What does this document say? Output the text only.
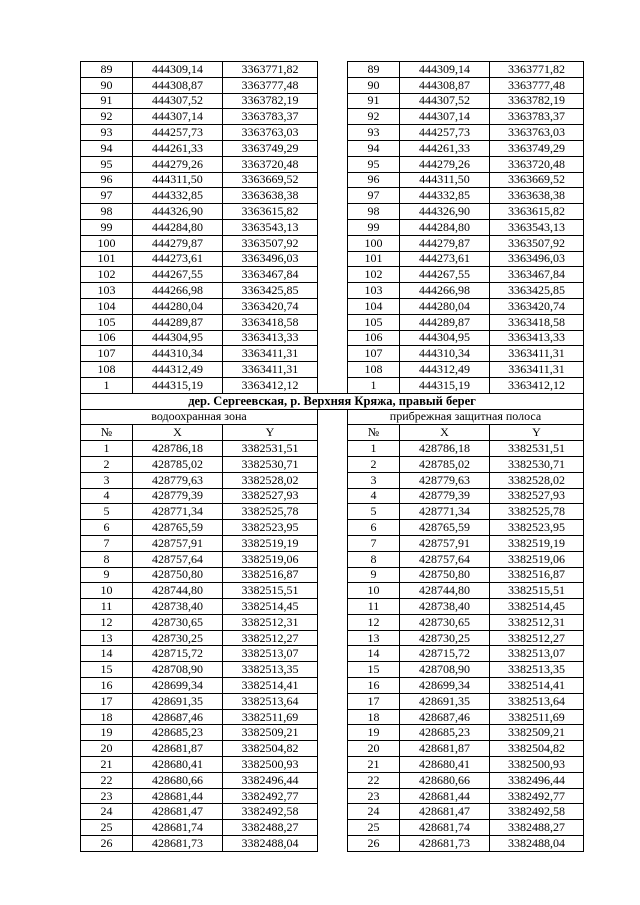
89	444309,14	3363771,82		89	444309,14	3363771,82
90	444308,87	3363777,48		90	444308,87	3363777,48
91	444307,52	3363782,19		91	444307,52	3363782,19
92	444307,14	3363783,37		92	444307,14	3363783,37
93	444257,73	3363763,03		93	444257,73	3363763,03
94	444261,33	3363749,29		94	444261,33	3363749,29
95	444279,26	3363720,48		95	444279,26	3363720,48
96	444311,50	3363669,52		96	444311,50	3363669,52
97	444332,85	3363638,38		97	444332,85	3363638,38
98	444326,90	3363615,82		98	444326,90	3363615,82
99	444284,80	3363543,13		99	444284,80	3363543,13
100	444279,87	3363507,92		100	444279,87	3363507,92
101	444273,61	3363496,03		101	444273,61	3363496,03
102	444267,55	3363467,84		102	444267,55	3363467,84
103	444266,98	3363425,85		103	444266,98	3363425,85
104	444280,04	3363420,74		104	444280,04	3363420,74
105	444289,87	3363418,58		105	444289,87	3363418,58
106	444304,95	3363413,33		106	444304,95	3363413,33
107	444310,34	3363411,31		107	444310,34	3363411,31
108	444312,49	3363411,31		108	444312,49	3363411,31
1	444315,19	3363412,12		1	444315,19	3363412,12
дер. Сергеевская, р. Верхняя Кряжа, правый берег						
водоохранная зона				прибрежная защитная полоса		
№	X	Y		№	X	Y
1	428786,18	3382531,51		1	428786,18	3382531,51
2	428785,02	3382530,71		2	428785,02	3382530,71
3	428779,63	3382528,02		3	428779,63	3382528,02
4	428779,39	3382527,93		4	428779,39	3382527,93
5	428771,34	3382525,78		5	428771,34	3382525,78
6	428765,59	3382523,95		6	428765,59	3382523,95
7	428757,91	3382519,19		7	428757,91	3382519,19
8	428757,64	3382519,06		8	428757,64	3382519,06
9	428750,80	3382516,87		9	428750,80	3382516,87
10	428744,80	3382515,51		10	428744,80	3382515,51
11	428738,40	3382514,45		11	428738,40	3382514,45
12	428730,65	3382512,31		12	428730,65	3382512,31
13	428730,25	3382512,27		13	428730,25	3382512,27
14	428715,72	3382513,07		14	428715,72	3382513,07
15	428708,90	3382513,35		15	428708,90	3382513,35
16	428699,34	3382514,41		16	428699,34	3382514,41
17	428691,35	3382513,64		17	428691,35	3382513,64
18	428687,46	3382511,69		18	428687,46	3382511,69
19	428685,23	3382509,21		19	428685,23	3382509,21
20	428681,87	3382504,82		20	428681,87	3382504,82
21	428680,41	3382500,93		21	428680,41	3382500,93
22	428680,66	3382496,44		22	428680,66	3382496,44
23	428681,44	3382492,77		23	428681,44	3382492,77
24	428681,47	3382492,58		24	428681,47	3382492,58
25	428681,74	3382488,27		25	428681,74	3382488,27
26	428681,73	3382488,04		26	428681,73	3382488,04
